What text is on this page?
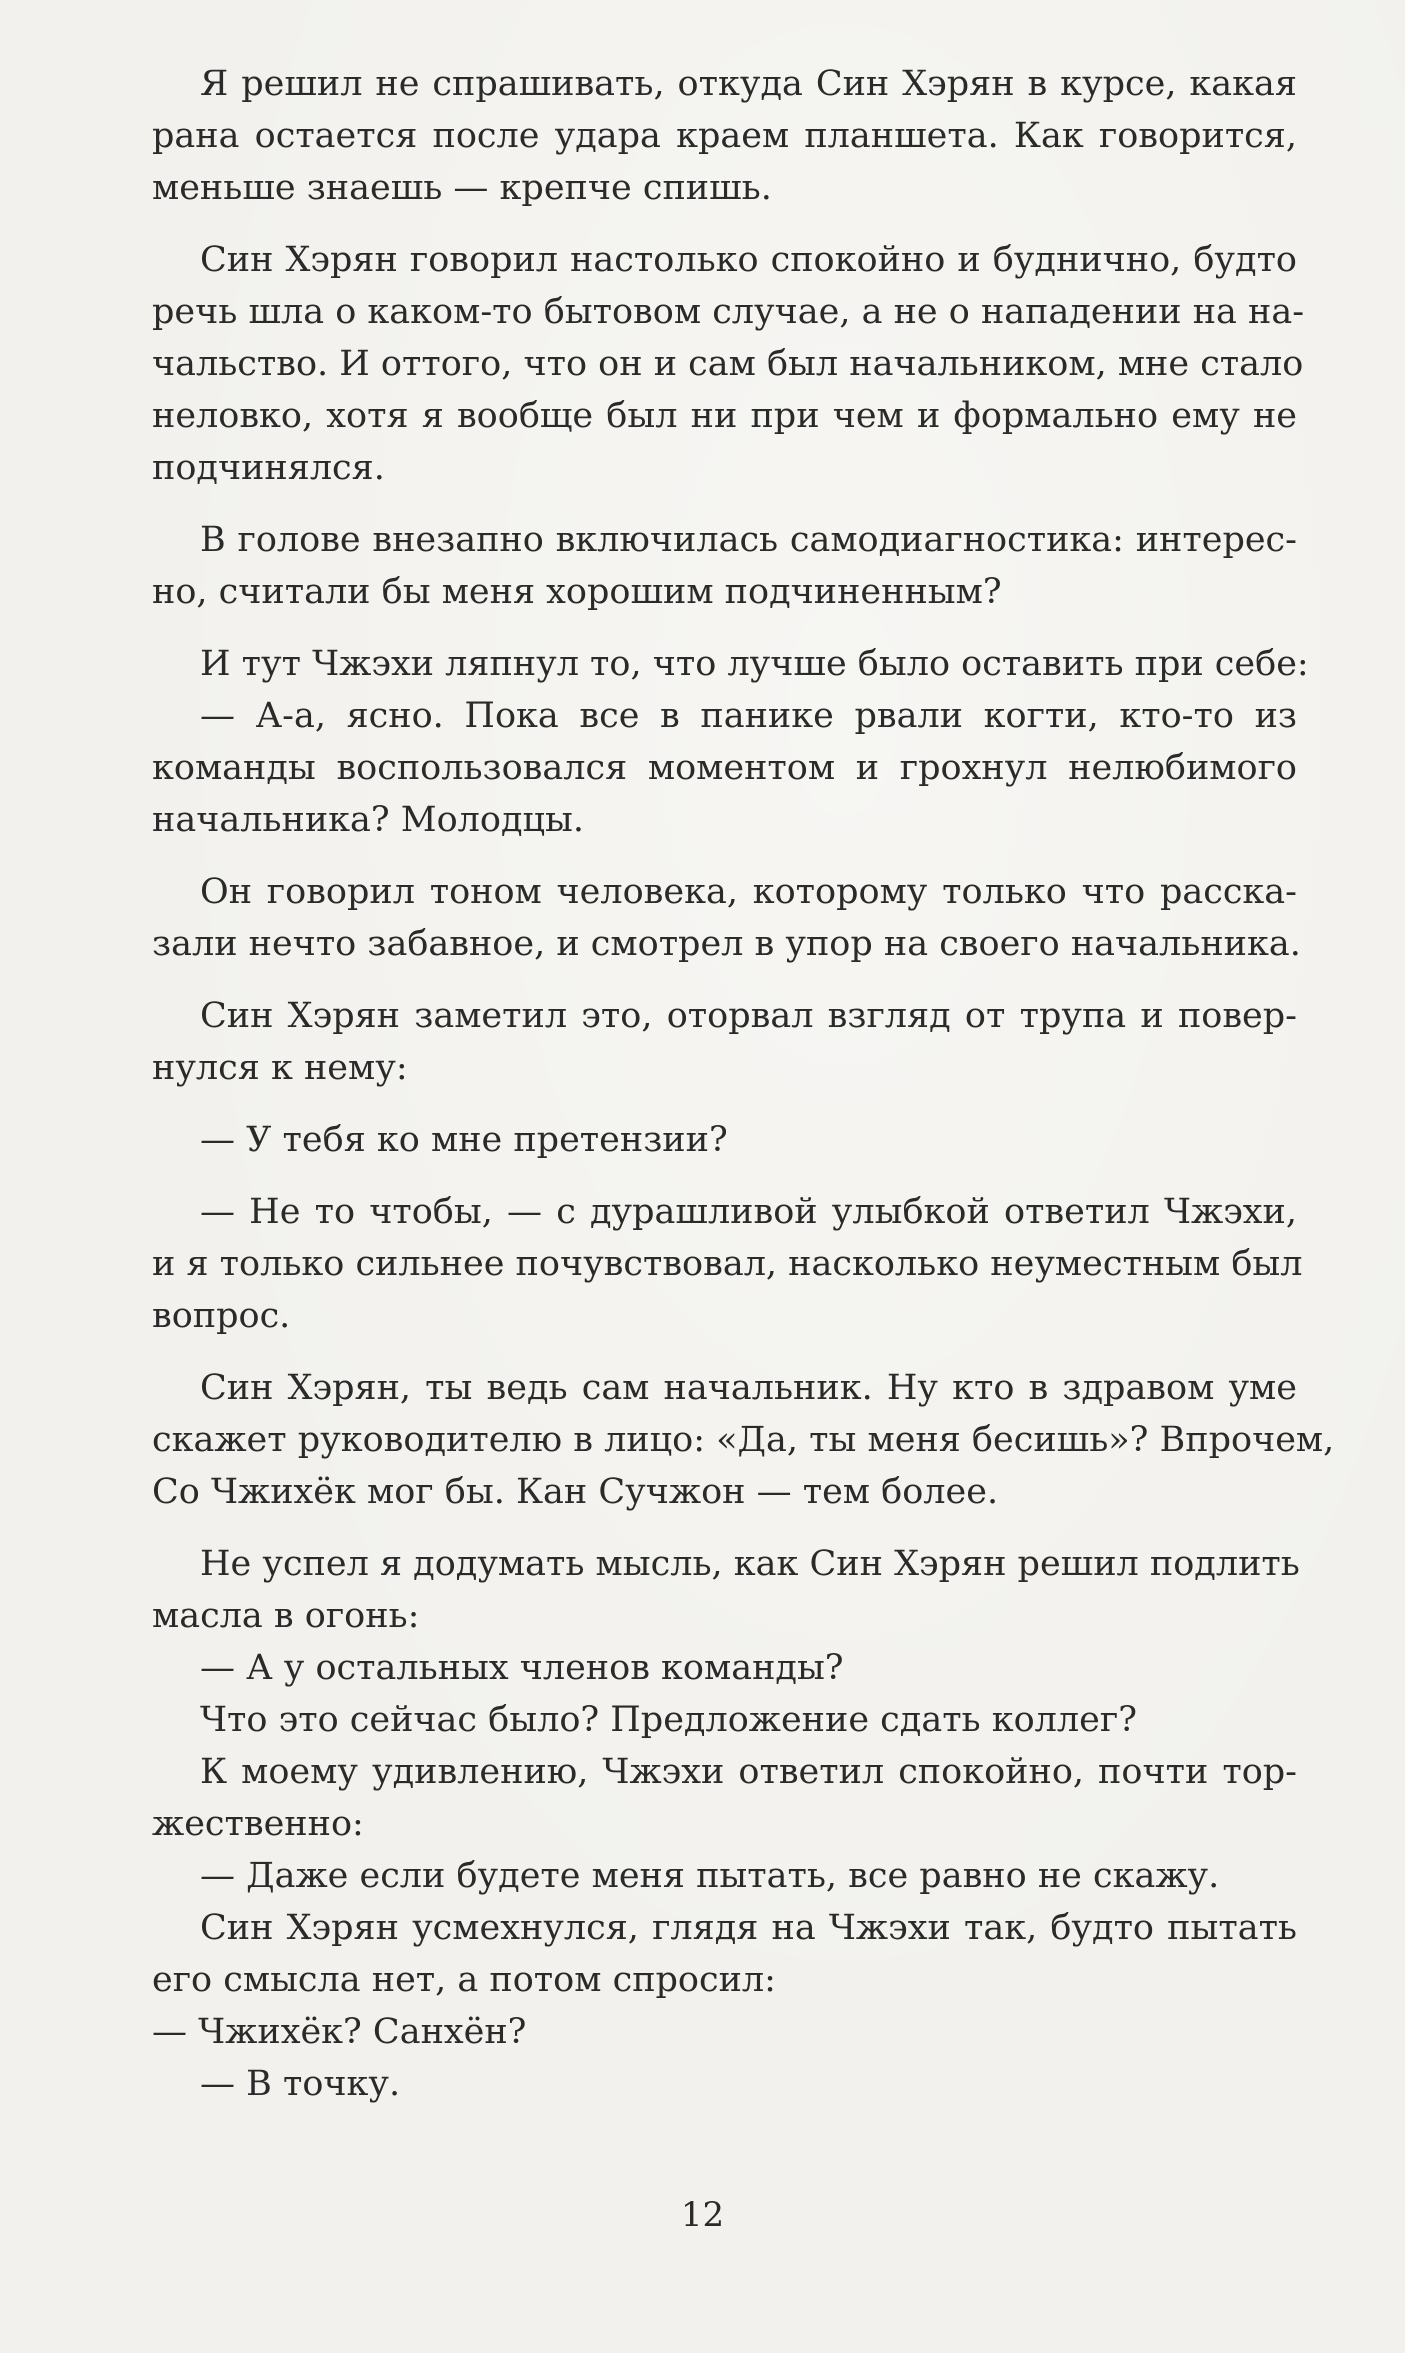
Я решил не спрашивать, откуда Син Хэрян в курсе, какая
рана остается после удара краем планшета. Как говорится,
меньше знаешь — крепче спишь.
Син Хэрян говорил настолько спокойно и буднично, будто
речь шла о каком-то бытовом случае, а не о нападении на на-
чальство. И оттого, что он и сам был начальником, мне стало
неловко, хотя я вообще был ни при чем и формально ему не
подчинялся.
В голове внезапно включилась самодиагностика: интерес-
но, считали бы меня хорошим подчиненным?
И тут Чжэхи ляпнул то, что лучше было оставить при себе:
— А-а, ясно. Пока все в панике рвали когти, кто-то из
команды воспользовался моментом и грохнул нелюбимого
начальника? Молодцы.
Он говорил тоном человека, которому только что расска-
зали нечто забавное, и смотрел в упор на своего начальника.
Син Хэрян заметил это, оторвал взгляд от трупа и повер-
нулся к нему:
— У тебя ко мне претензии?
— Не то чтобы, — с дурашливой улыбкой ответил Чжэхи,
и я только сильнее почувствовал, насколько неуместным был
вопрос.
Син Хэрян, ты ведь сам начальник. Ну кто в здравом уме
скажет руководителю в лицо: «Да, ты меня бесишь»? Впрочем,
Со Чжихёк мог бы. Кан Сучжон — тем более.
Не успел я додумать мысль, как Син Хэрян решил подлить
масла в огонь:
— А у остальных членов команды?
Что это сейчас было? Предложение сдать коллег?
К моему удивлению, Чжэхи ответил спокойно, почти тор-
жественно:
— Даже если будете меня пытать, все равно не скажу.
Син Хэрян усмехнулся, глядя на Чжэхи так, будто пытать
его смысла нет, а потом спросил:
— Чжихёк? Санхён?
— В точку.
12
